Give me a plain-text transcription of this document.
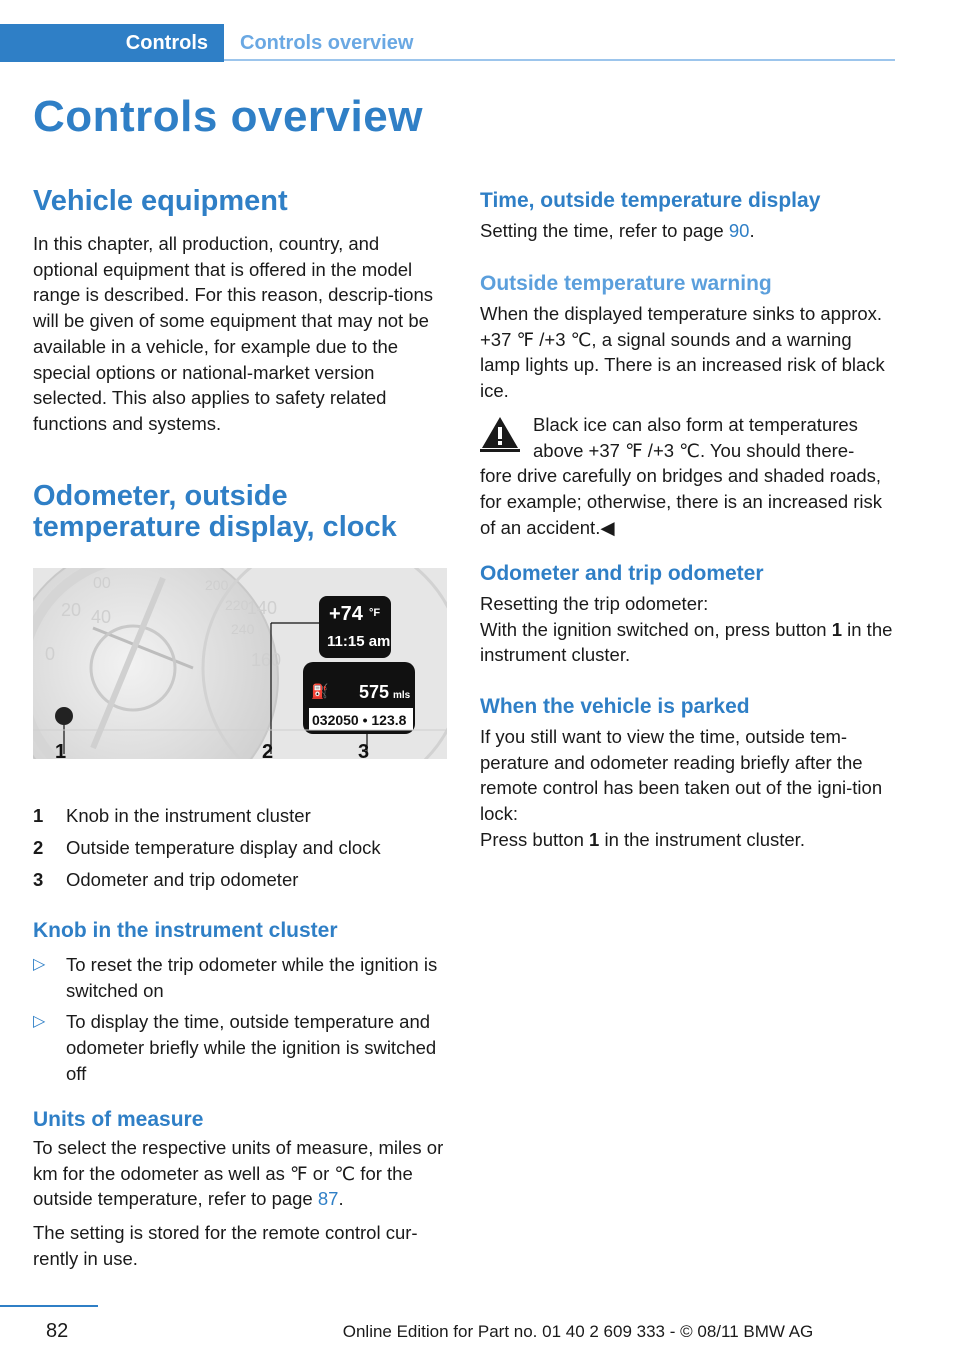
Controls Controls overview
Controls overview
Vehicle equipment

In this chapter, all production, country, and optional equipment that is offered in the model range is described. For this reason, descrip-tions will be given of some equipment that may not be available in a vehicle, for example due to the special options or national-market version selected. This also applies to safety related functions and systems.

Odometer, outside temperature display, clock
00
40
20
0
200
220
240
140
160
+74 °F
11:15 am
⛽ 575 mls
032050 • 123.8
1	2	3
1 Knob in the instrument cluster
2 Outside temperature display and clock
3 Odometer and trip odometer
Knob in the instrument cluster
▷ To reset the trip odometer while the ignition is switched on
▷ To display the time, outside temperature and odometer briefly while the ignition is switched off
Units of measure

To select the respective units of measure, miles or km for the odometer as well as ℉ or ℃ for the outside temperature, refer to page 87.

The setting is stored for the remote control cur-rently in use.

Time, outside temperature display

Setting the time, refer to page 90.

Outside temperature warning

When the displayed temperature sinks to approx. +37 ℉ /+3 ℃, a signal sounds and a warning lamp lights up. There is an increased risk of black ice.

Black ice can also form at temperatures

above +37 ℉ /+3 ℃. You should there-

fore drive carefully on bridges and shaded roads, for example; otherwise, there is an increased risk of an accident.◀

Odometer and trip odometer

Resetting the trip odometer:

With the ignition switched on, press button 1 in the instrument cluster.

When the vehicle is parked

If you still want to view the time, outside tem-perature and odometer reading briefly after the remote control has been taken out of the igni-tion lock:

Press button 1 in the instrument cluster.

82	Online Edition for Part no. 01 40 2 609 333 - © 08/11 BMW AG
